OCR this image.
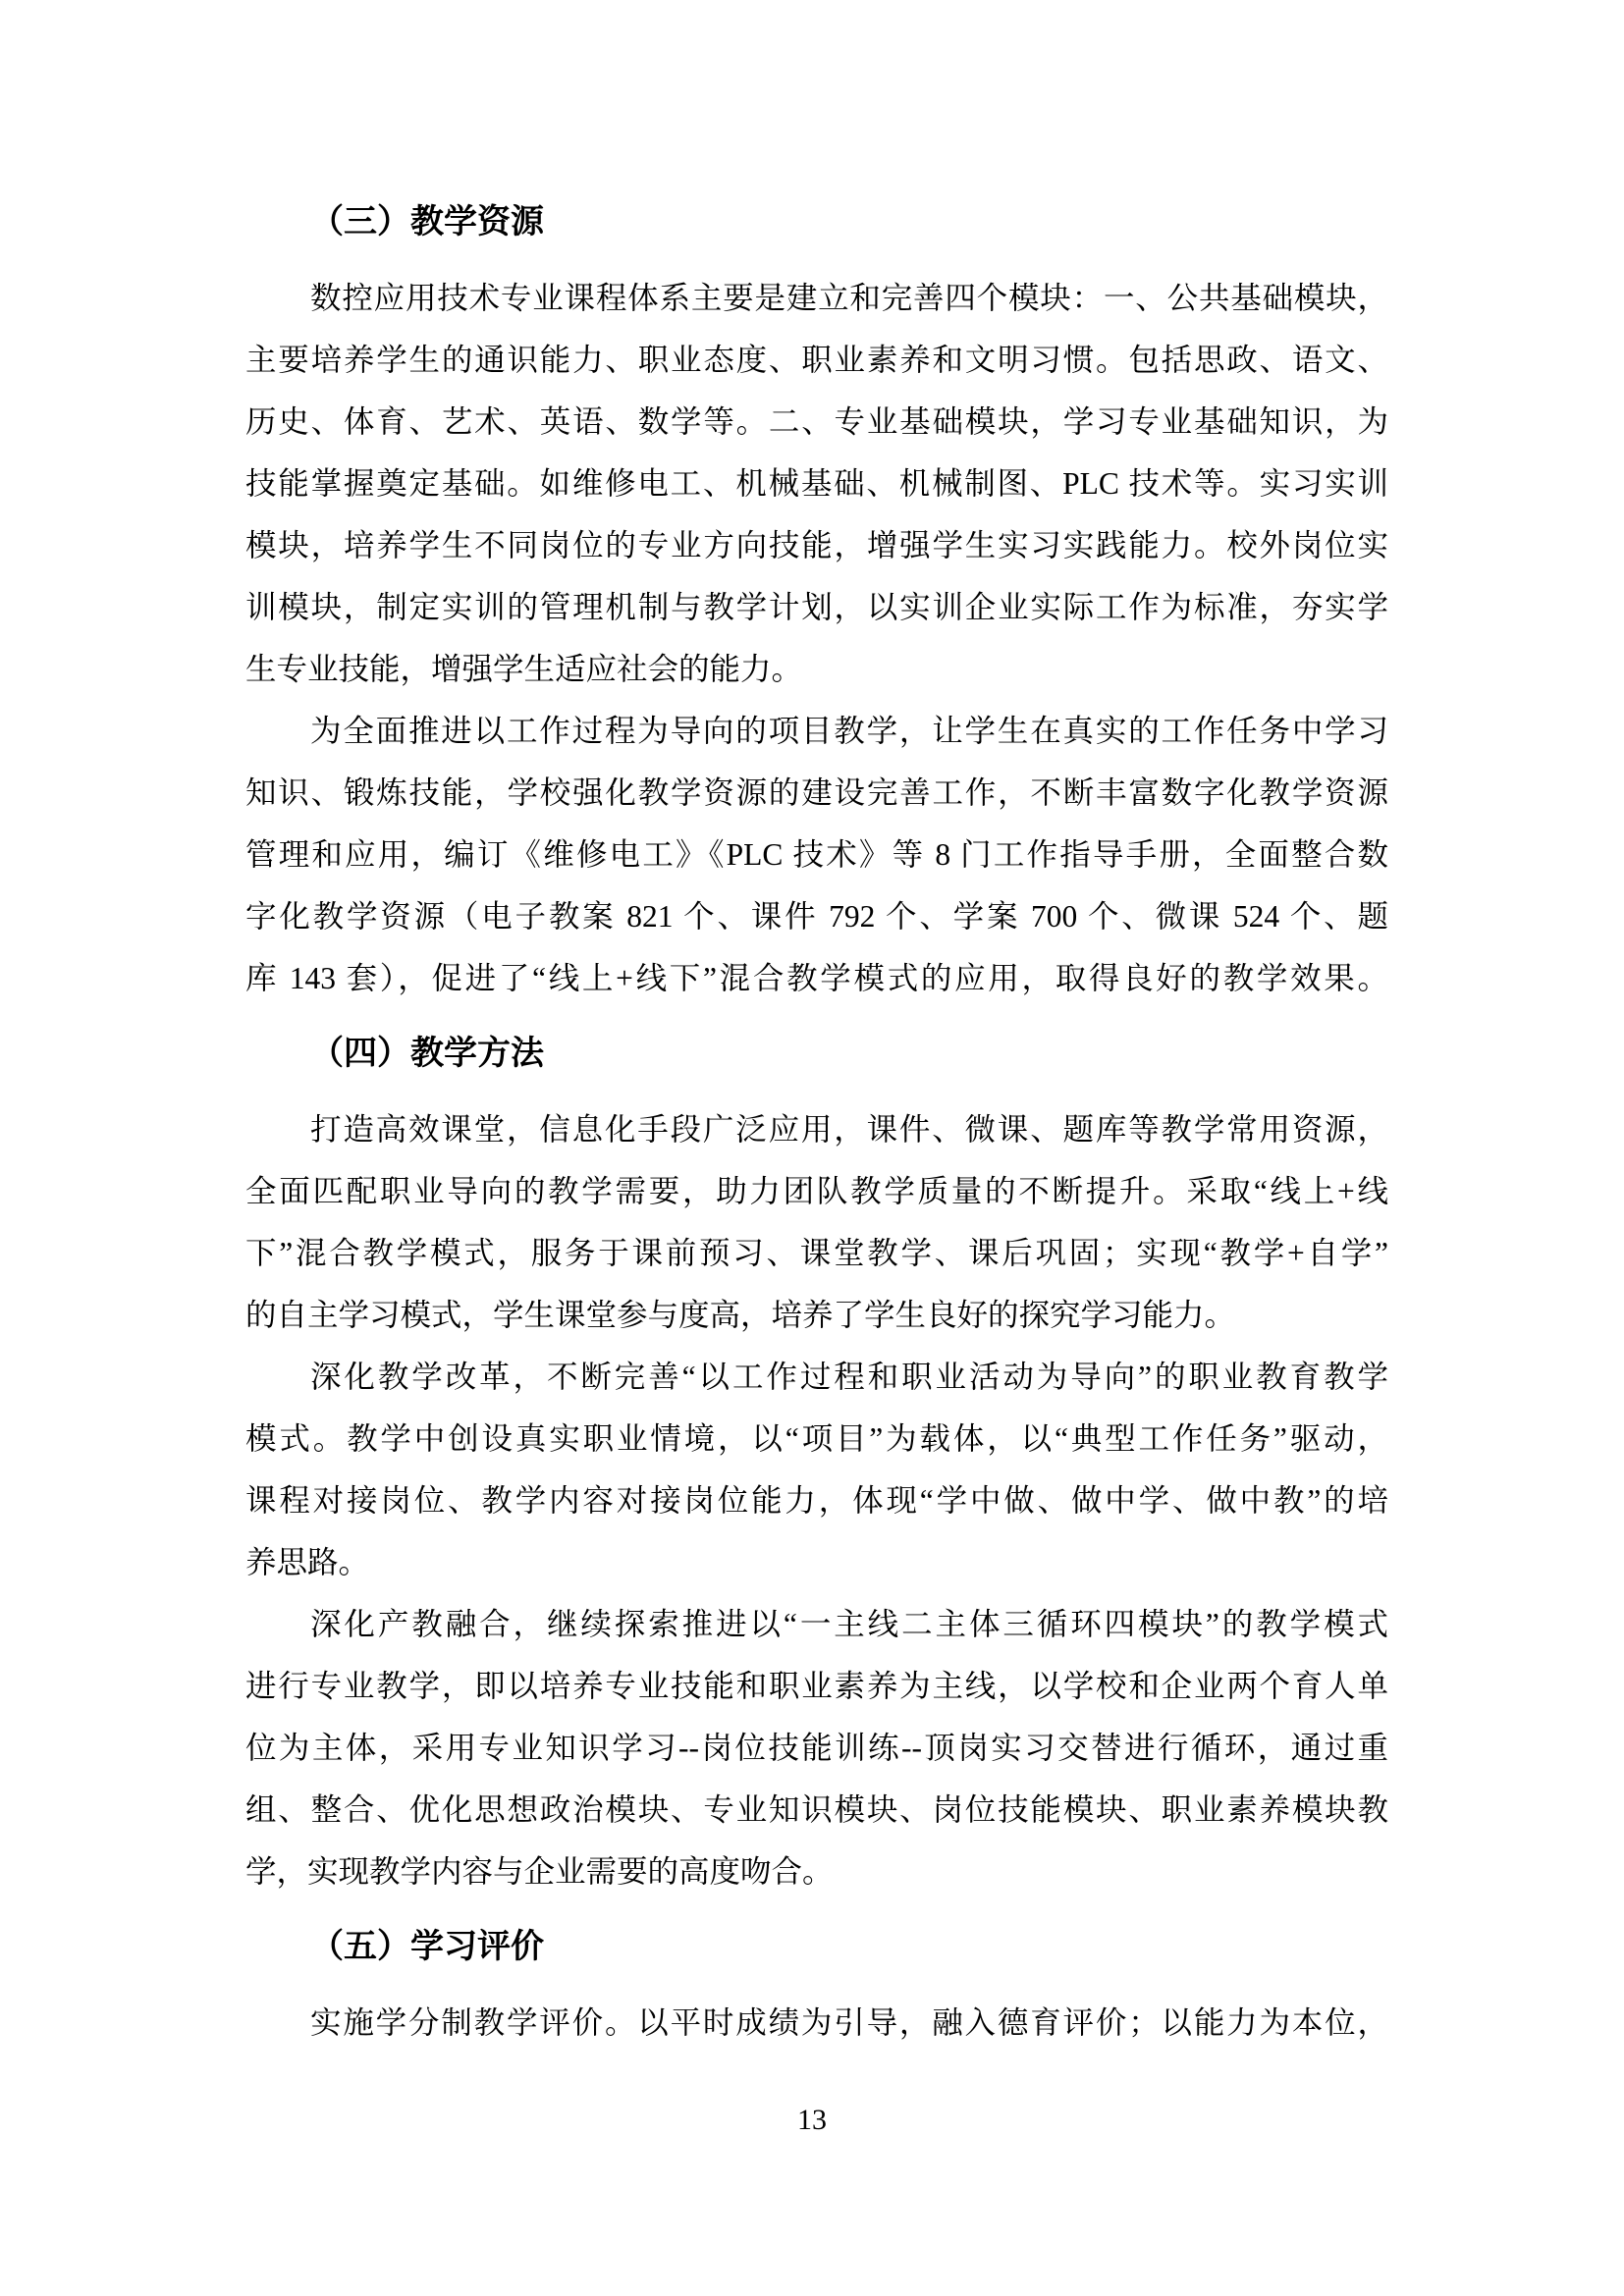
（三）教学资源
数控应用技术专业课程体系主要是建立和完善四个模块：一、公共基础模块，
主要培养学生的通识能力、职业态度、职业素养和文明习惯。包括思政、语文、
历史、体育、艺术、英语、数学等。二、专业基础模块，学习专业基础知识，为
技能掌握奠定基础。如维修电工、机械基础、机械制图、PLC 技术等。实习实训
模块，培养学生不同岗位的专业方向技能，增强学生实习实践能力。校外岗位实
训模块，制定实训的管理机制与教学计划，以实训企业实际工作为标准，夯实学
生专业技能，增强学生适应社会的能力。
为全面推进以工作过程为导向的项目教学，让学生在真实的工作任务中学习
知识、锻炼技能，学校强化教学资源的建设完善工作，不断丰富数字化教学资源
管理和应用，编订《维修电工》《PLC 技术》等 8 门工作指导手册，全面整合数
字化教学资源（电子教案 821 个、课件 792 个、学案 700 个、微课 524 个、题
库 143 套），促进了“线上+线下”混合教学模式的应用，取得良好的教学效果。
（四）教学方法
打造高效课堂，信息化手段广泛应用，课件、微课、题库等教学常用资源，
全面匹配职业导向的教学需要，助力团队教学质量的不断提升。采取“线上+线
下”混合教学模式，服务于课前预习、课堂教学、课后巩固；实现“教学+自学”
的自主学习模式，学生课堂参与度高，培养了学生良好的探究学习能力。
深化教学改革，不断完善“以工作过程和职业活动为导向”的职业教育教学
模式。教学中创设真实职业情境，以“项目”为载体，以“典型工作任务”驱动，
课程对接岗位、教学内容对接岗位能力，体现“学中做、做中学、做中教”的培
养思路。
深化产教融合，继续探索推进以“一主线二主体三循环四模块”的教学模式
进行专业教学，即以培养专业技能和职业素养为主线，以学校和企业两个育人单
位为主体，采用专业知识学习--岗位技能训练--顶岗实习交替进行循环，通过重
组、整合、优化思想政治模块、专业知识模块、岗位技能模块、职业素养模块教
学，实现教学内容与企业需要的高度吻合。
（五）学习评价
实施学分制教学评价。以平时成绩为引导，融入德育评价；以能力为本位，
13
